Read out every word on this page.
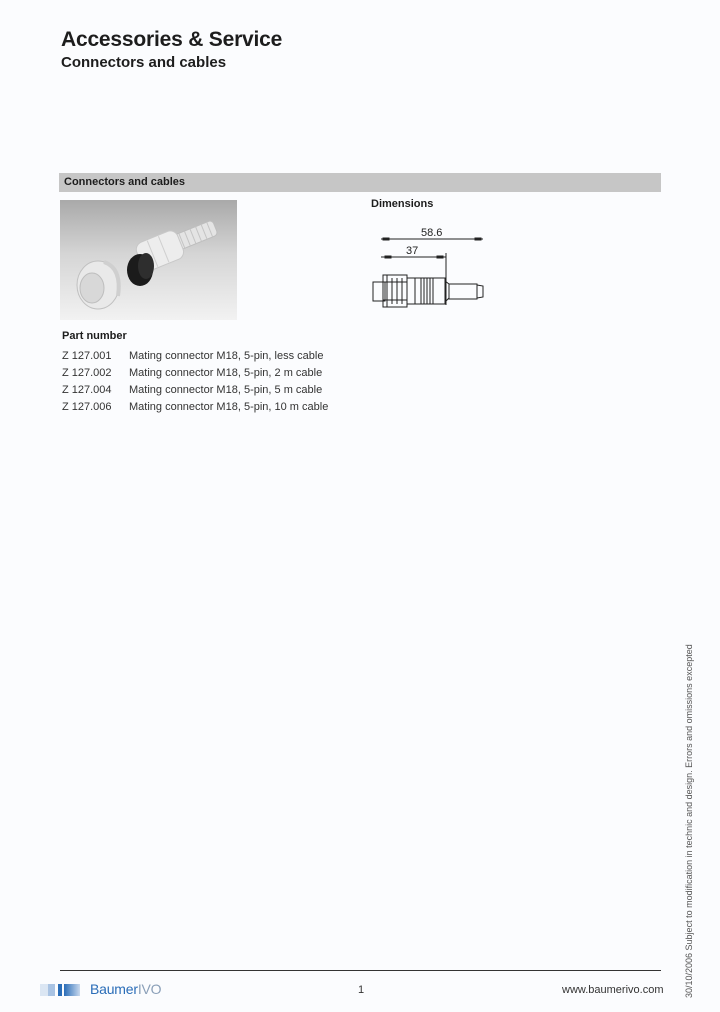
Accessories & Service
Connectors and cables
Connectors and cables
Dimensions
58.6
37
Part number
Z 127.001	Mating connector M18, 5-pin, less cable
Z 127.002	Mating connector M18, 5-pin, 2 m cable
Z 127.004	Mating connector M18, 5-pin, 5 m cable
Z 127.006	Mating connector M18, 5-pin, 10 m cable
30/10/2006 Subject to modification in technic and design. Errors and omissions excepted
BaumerIVO	1	www.baumerivo.com
